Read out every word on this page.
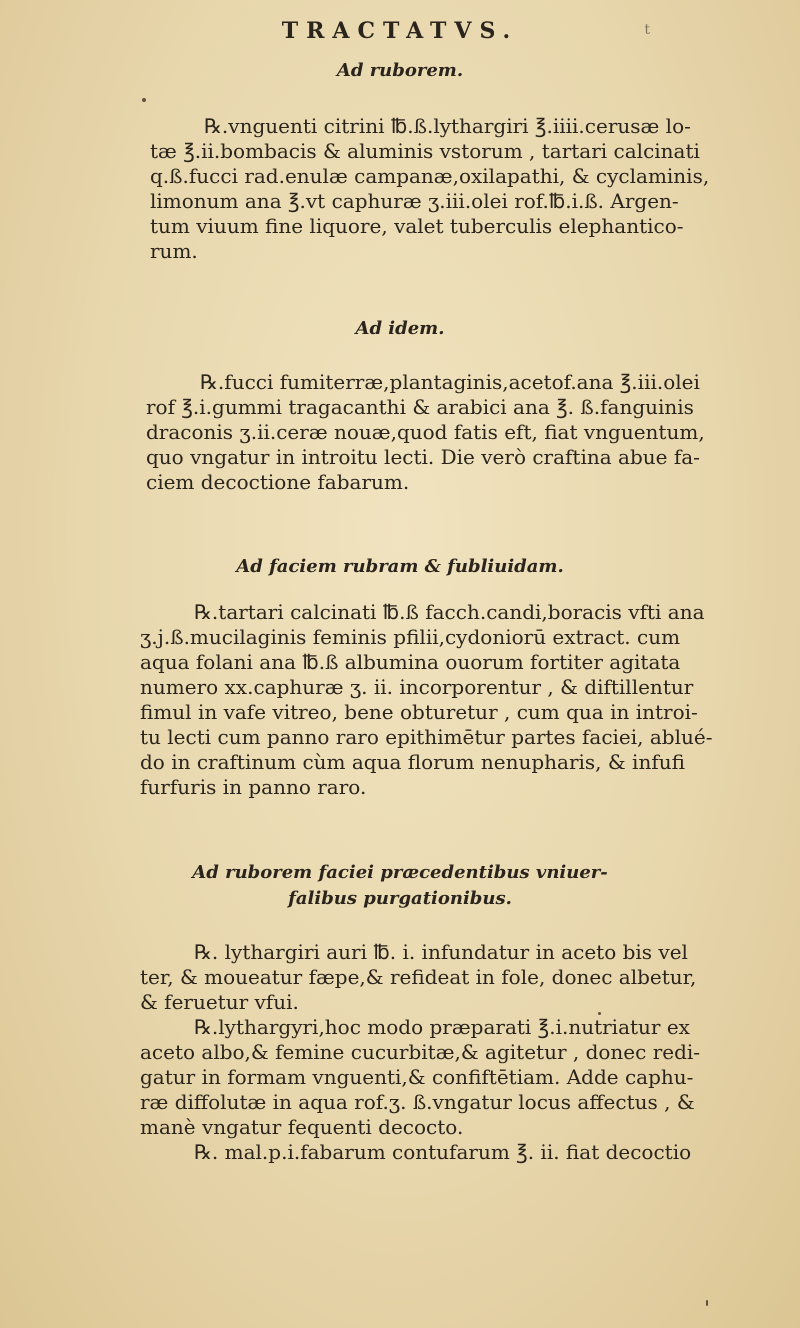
TRACTATVS.	t
Ad ruborem.
℞.vnguenti citrini ℔.ß.lythargiri ℥.iiii.cerusæ lo-
tæ ℥.ii.bombacis & aluminis vstorum , tartari calcinati
q.ß.fucci rad.enulæ campanæ,oxilapathi, & cyclaminis,
limonum ana ℥.vt caphuræ ʒ.iii.olei rof.℔.i.ß. Argen-
tum viuum fine liquore, valet tuberculis elephantico-
rum.
Ad idem.
℞.fucci fumiterræ,plantaginis,acetof.ana ℥.iii.olei
rof ℥.i.gummi tragacanthi & arabici ana ℥. ß.fanguinis
draconis ʒ.ii.ceræ nouæ,quod fatis eft, fiat vnguentum,
quo vngatur in introitu lecti. Die verò craftina abue fa-
ciem decoctione fabarum.
Ad faciem rubram & fubliuidam.
℞.tartari calcinati ℔.ß facch.candi,boracis vfti ana
ʒ.j.ß.mucilaginis feminis pfilii,cydoniorū extract. cum
aqua folani ana ℔.ß albumina ouorum fortiter agitata
numero xx.caphuræ ʒ. ii. incorporentur , & diftillentur
fimul in vafe vitreo, bene obturetur , cum qua in introi-
tu lecti cum panno raro epithimētur partes faciei, ablué-
do in craftinum cùm aqua florum nenupharis, & infufi
furfuris in panno raro.
Ad ruborem faciei præcedentibus vniuer-
falibus purgationibus.
℞. lythargiri auri ℔. i. infundatur in aceto bis vel
ter, & moueatur fæpe,& refideat in fole, donec albetur,
& feruetur vfui.
℞.lythargyri,hoc modo præparati ℥.i.nutriatur ex
aceto albo,& femine cucurbitæ,& agitetur , donec redi-
gatur in formam vnguenti,& confiftētiam. Adde caphu-
ræ diffolutæ in aqua rof.ʒ. ß.vngatur locus affectus , &
manè vngatur fequenti decocto.
℞. mal.p.i.fabarum contufarum ℥. ii. fiat decoctio
